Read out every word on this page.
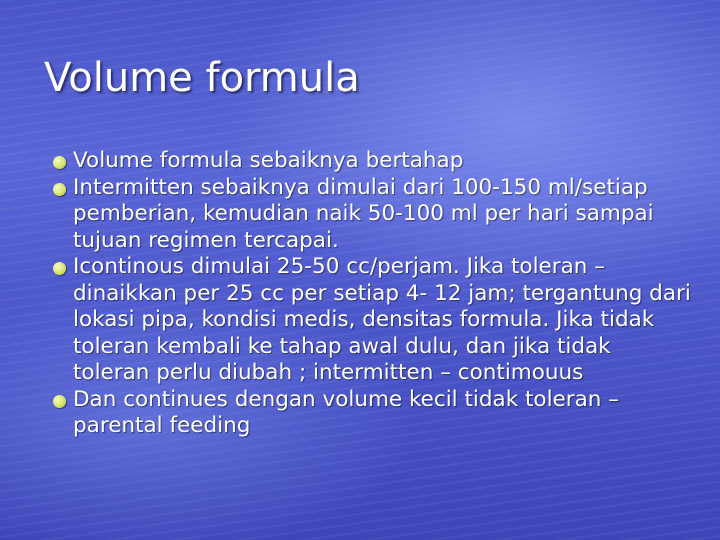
Volume formula
Volume formula sebaiknya bertahap
Intermitten sebaiknya dimulai dari 100-150 ml/setiap pemberian, kemudian naik 50-100 ml per hari sampai tujuan regimen tercapai.
Icontinous dimulai 25-50 cc/perjam. Jika toleran – dinaikkan per 25 cc per setiap 4- 12 jam; tergantung dari lokasi pipa, kondisi medis, densitas formula. Jika tidak toleran kembali ke tahap awal dulu, dan jika tidak toleran perlu diubah ; intermitten – contimouus
Dan continues dengan volume kecil tidak toleran – parental feeding
